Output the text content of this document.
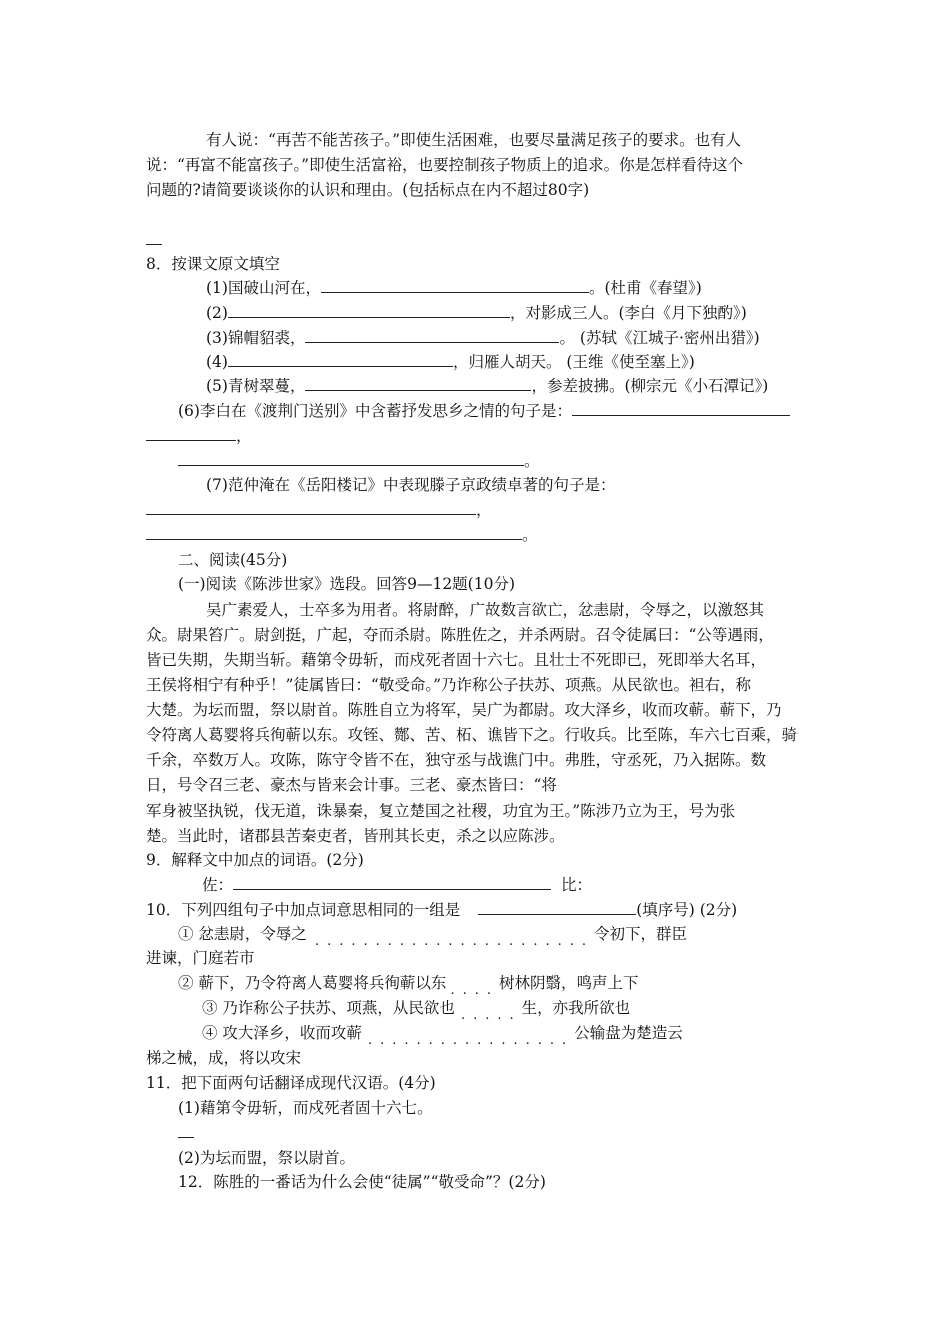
有人说：“再苦不能苦孩子。”即使生活困难，也要尽量满足孩子的要求。也有人
说：“再富不能富孩子。”即使生活富裕，也要控制孩子物质上的追求。你是怎样看待这个
问题的?请简要谈谈你的认识和理由。(包括标点在内不超过80字)
8．按课文原文填空
(1)国破山河在，	。(杜甫《春望》)
(2)	，对影成三人。(李白《月下独酌》)
(3)锦帽貂裘，	。 (苏轼《江城子·密州出猎》)
(4)	，归雁人胡天。 (王维《使至塞上》)
(5)青树翠蔓，	，参差披拂。(柳宗元《小石潭记》)
(6)李白在《渡荆门送别》中含蓄抒发思乡之情的句子是：
，
。
(7)范仲淹在《岳阳楼记》中表现滕子京政绩卓著的句子是：
，
。
二、阅读(45分)
(一)阅读《陈涉世家》选段。回答9—12题(10分)
吴广素爱人，士卒多为用者。将尉醉，广故数言欲亡，忿恚尉，令辱之，以激怒其
众。尉果笞广。尉剑挺，广起，夺而杀尉。陈胜佐之，并杀两尉。召令徒属曰：“公等遇雨，
皆已失期，失期当斩。藉第令毋斩，而戍死者固十六七。且壮士不死即已，死即举大名耳，
王侯将相宁有种乎！”徒属皆曰：“敬受命。”乃诈称公子扶苏、项燕。从民欲也。袒右，称
大楚。为坛而盟，祭以尉首。陈胜自立为将军，吴广为都尉。攻大泽乡，收而攻蕲。蕲下，乃
令符离人葛婴将兵徇蕲以东。攻铚、酂、苦、柘、谯皆下之。行收兵。比至陈，车六七百乘，骑
千余，卒数万人。攻陈，陈守令皆不在，独守丞与战谯门中。弗胜，守丞死，乃入据陈。数
日，号令召三老、豪杰与皆来会计事。三老、豪杰皆曰：“将
军身被坚执锐，伐无道，诛暴秦，复立楚国之社稷，功宜为王。”陈涉乃立为王，号为张
楚。当此时，诸郡县苦秦吏者，皆刑其长吏，杀之以应陈涉。
9．解释文中加点的词语。(2分)
佐：	比：
10．下列四组句子中加点词意思相同的一组是	(填序号) (2分)
① 忿恚尉，令辱之 .......................令初下，群臣
进谏，门庭若市
② 蕲下，乃令符离人葛婴将兵徇蕲以东 ....树林阴翳，鸣声上下
③ 乃诈称公子扶苏、项燕，从民欲也 .....生，亦我所欲也
④ 攻大泽乡，收而攻蕲 .................公输盘为楚造云
梯之械，成，将以攻宋
11．把下面两句话翻译成现代汉语。(4分)
(1)藉第令毋斩，而戍死者固十六七。
(2)为坛而盟，祭以尉首。
12．陈胜的一番话为什么会使“徒属”“敬受命”？(2分)
